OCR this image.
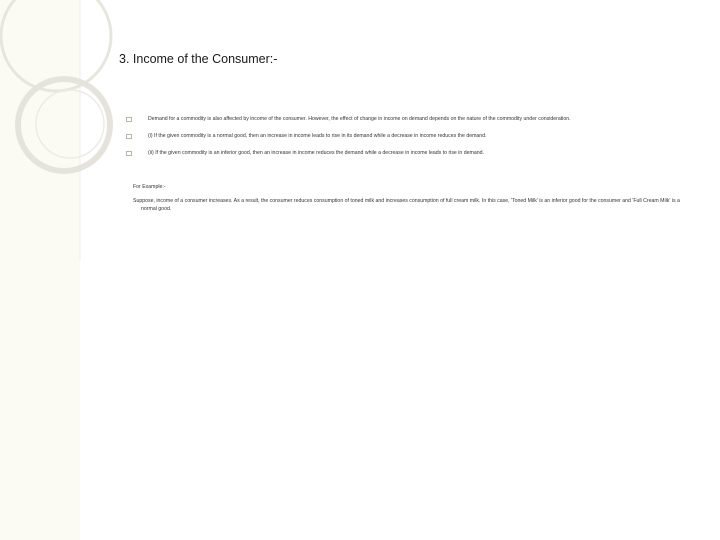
3. Income of the Consumer:-
Demand for a commodity is also affected by income of the consumer. However, the effect of change in income on demand depends on the nature of the commodity under consideration.
(i) If the given commodity is a normal good, then an increase in income leads to rise in its demand while a decrease in income reduces the demand.
(ii) If the given commodity is an inferior good, then an increase in income reduces the demand while a decrease in income leads to rise in demand.
For Example:-
Suppose, income of a consumer increases. As a result, the consumer reduces consumption of toned milk and increases consumption of full cream milk. In this case, 'Toned Milk' is an inferior good for the consumer and 'Full Cream Milk' is a normal good.
